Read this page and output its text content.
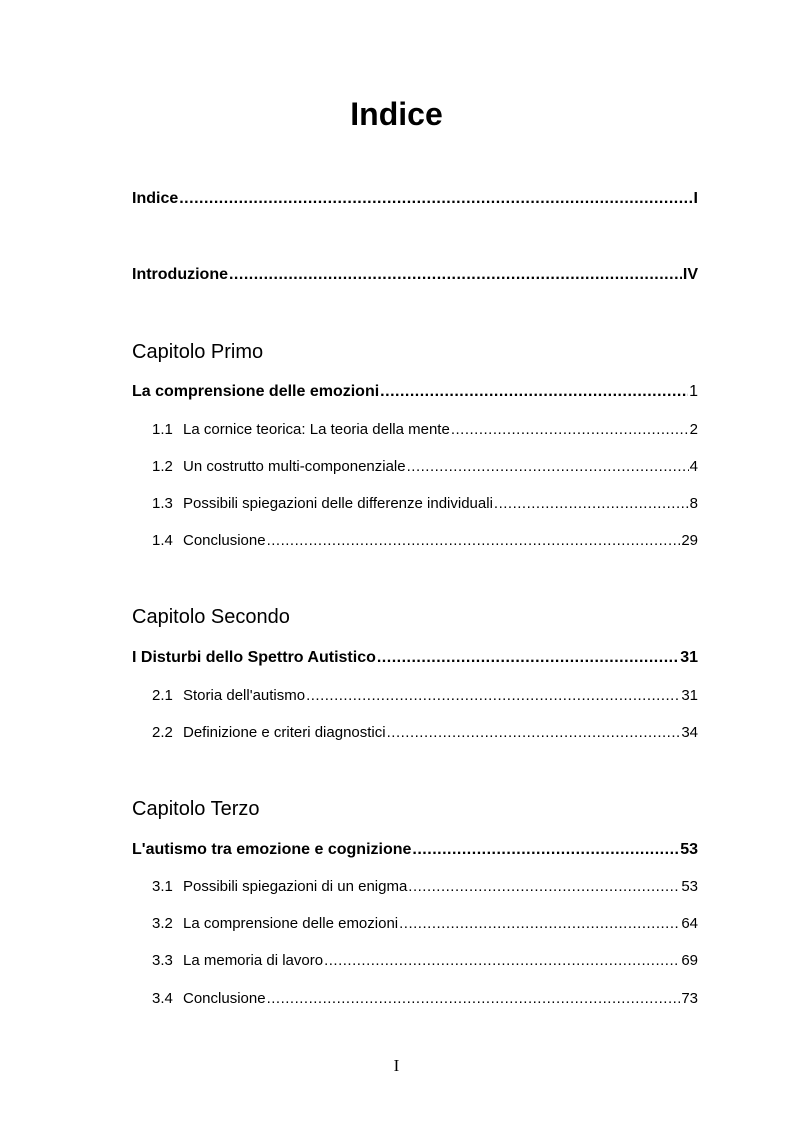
Indice
Indice .....	I
Introduzione .....	IV
Capitolo Primo
La comprensione delle emozioni .....	1
1.1 La cornice teorica: La teoria della mente .....	2
1.2 Un costrutto multi-componenziale .....	4
1.3 Possibili spiegazioni delle differenze individuali .....	8
1.4 Conclusione .....	29
Capitolo Secondo
I Disturbi dello Spettro Autistico .....	31
2.1 Storia dell'autismo .....	31
2.2 Definizione e criteri diagnostici .....	34
Capitolo Terzo
L'autismo tra emozione e cognizione .....	53
3.1 Possibili spiegazioni di un enigma .....	53
3.2 La comprensione delle emozioni .....	64
3.3 La memoria di lavoro .....	69
3.4 Conclusione .....	73
I
